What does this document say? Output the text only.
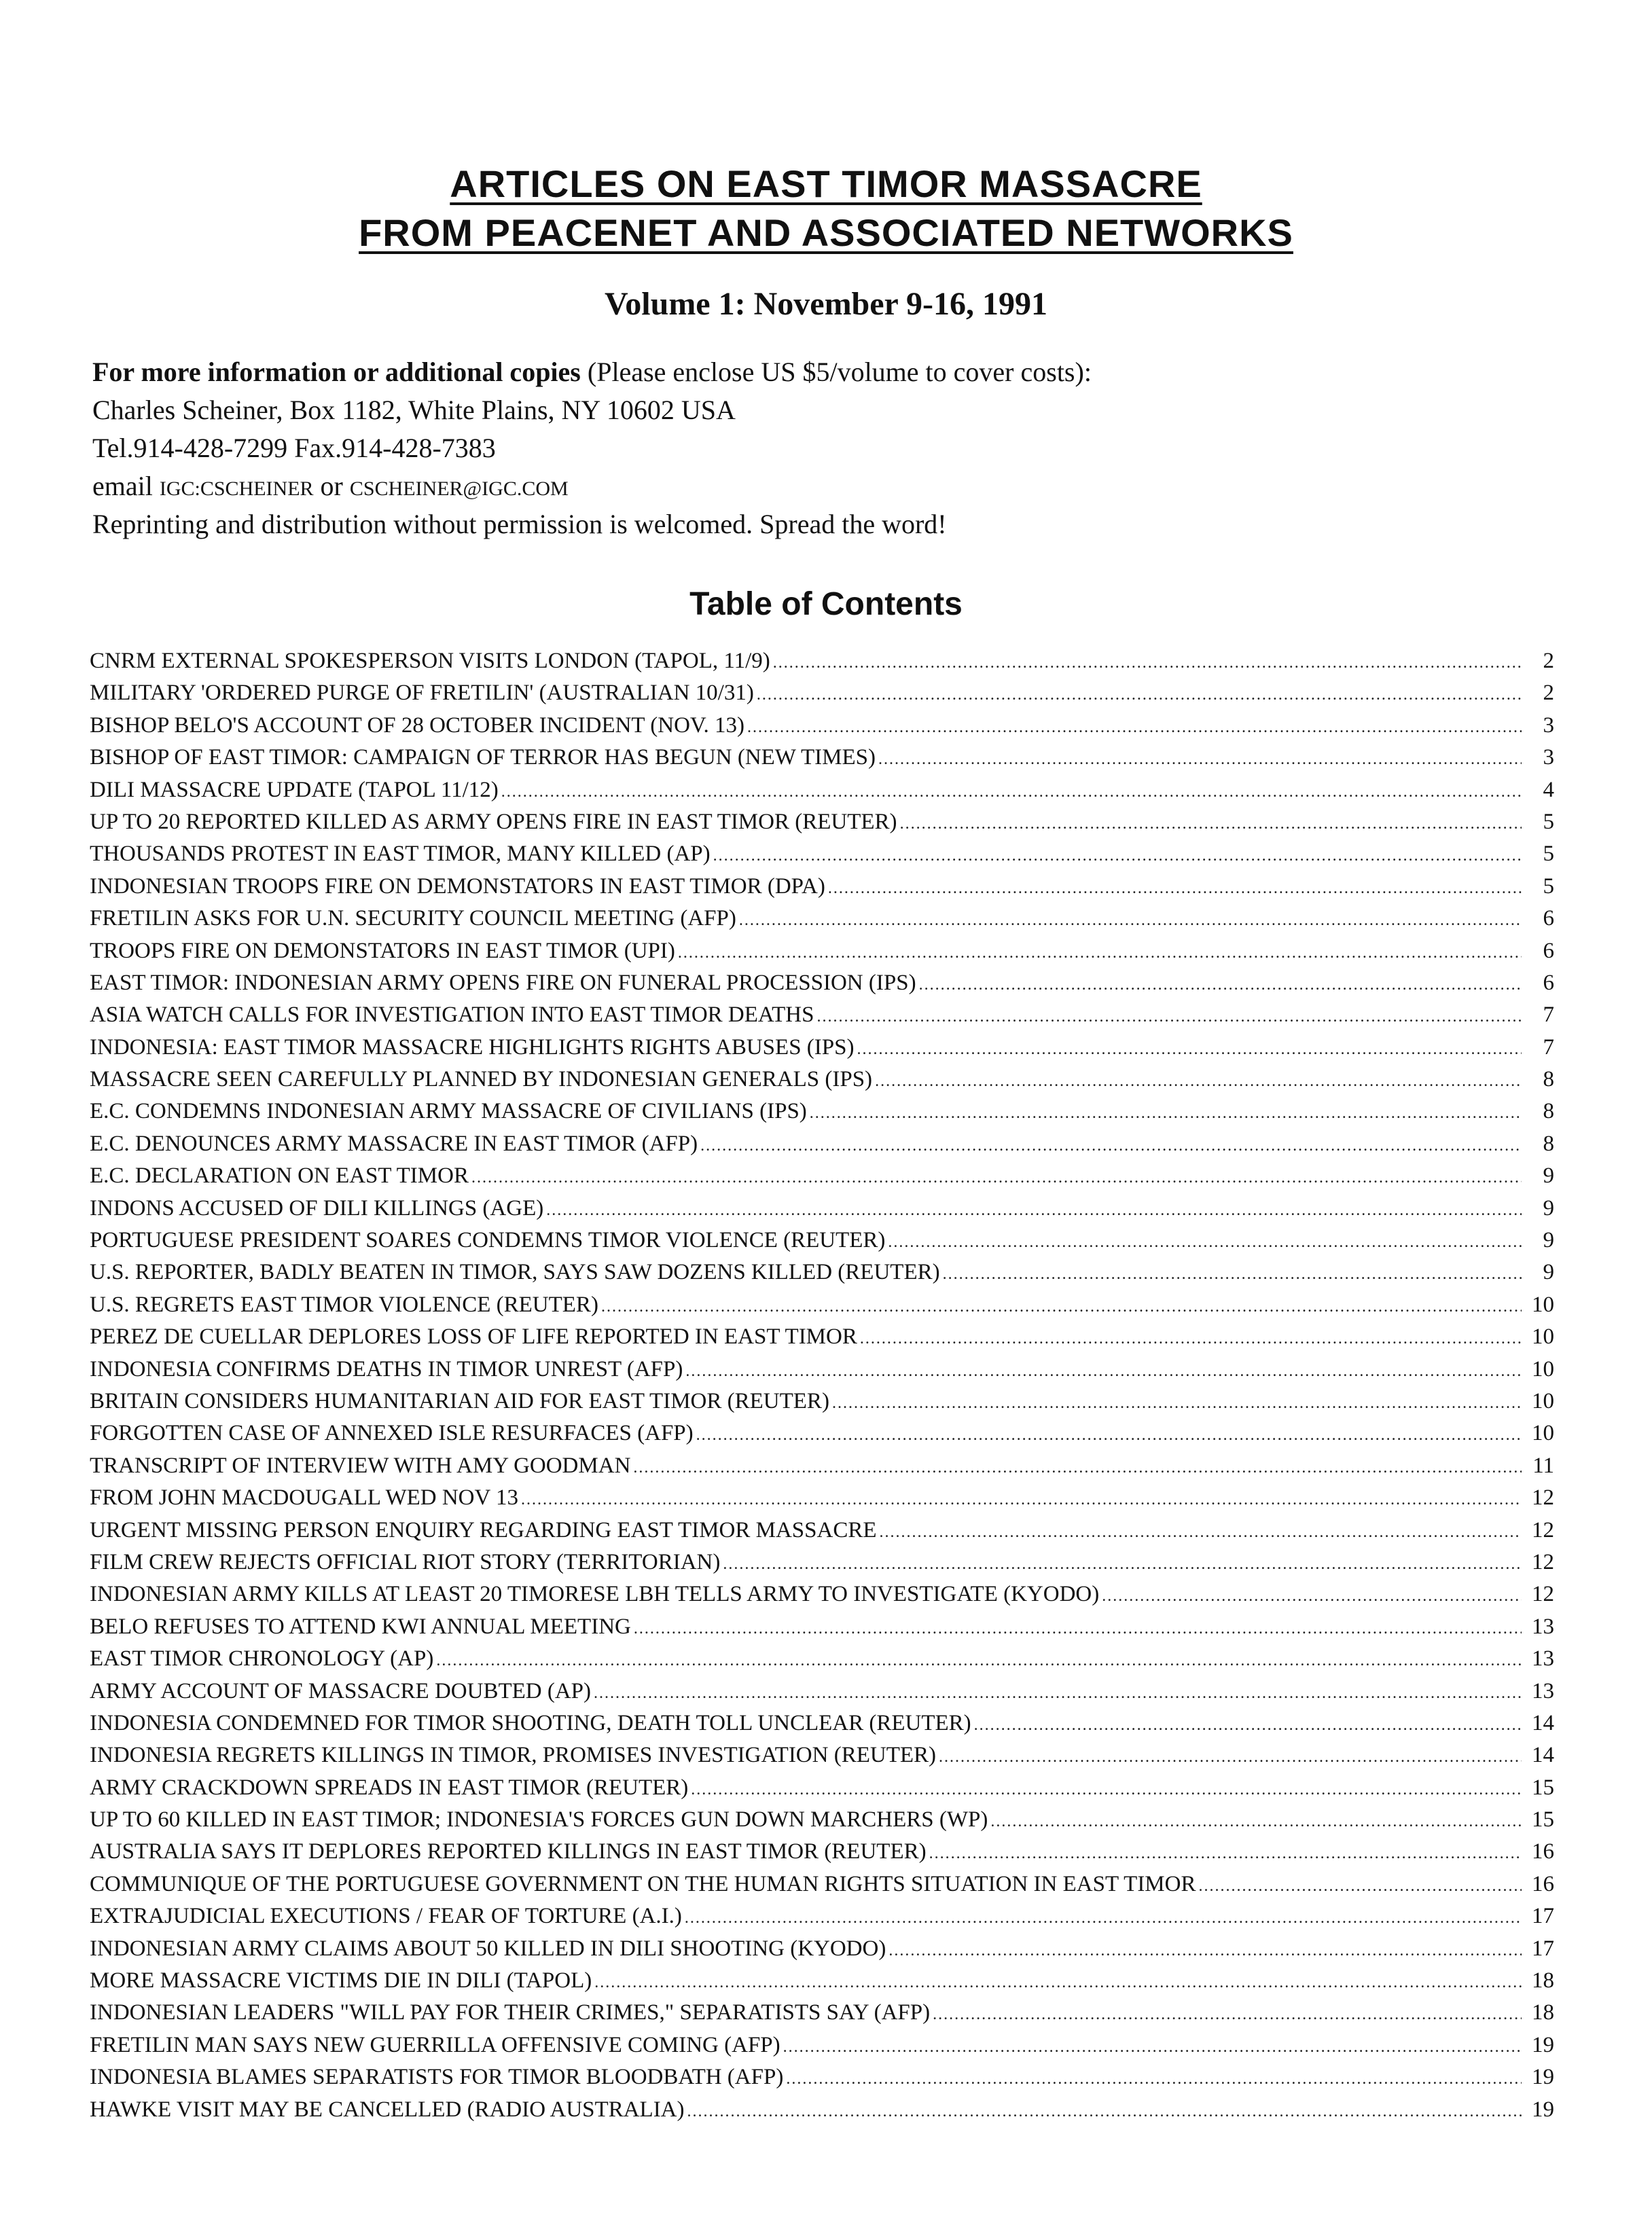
ARTICLES ON EAST TIMOR MASSACRE
FROM PEACENET AND ASSOCIATED NETWORKS
Volume 1: November 9-16, 1991
For more information or additional copies (Please enclose US $5/volume to cover costs):
Charles Scheiner, Box 1182, White Plains, NY 10602 USA
Tel.914-428-7299 Fax.914-428-7383
email IGC:CSCHEINER or CSCHEINER@IGC.COM
Reprinting and distribution without permission is welcomed. Spread the word!
Table of Contents
CNRM EXTERNAL SPOKESPERSON VISITS LONDON (TAPOL, 11/9) .....	2
MILITARY 'ORDERED PURGE OF FRETILIN' (AUSTRALIAN 10/31) .....	2
BISHOP BELO'S ACCOUNT OF 28 OCTOBER INCIDENT (NOV. 13) .....	3
BISHOP OF EAST TIMOR: CAMPAIGN OF TERROR HAS BEGUN (NEW TIMES) .....	3
DILI MASSACRE UPDATE (TAPOL 11/12) .....	4
UP TO 20 REPORTED KILLED AS ARMY OPENS FIRE IN EAST TIMOR (REUTER) .....	5
THOUSANDS PROTEST IN EAST TIMOR, MANY KILLED (AP) .....	5
INDONESIAN TROOPS FIRE ON DEMONSTATORS IN EAST TIMOR (DPA) .....	5
FRETILIN ASKS FOR U.N. SECURITY COUNCIL MEETING (AFP) .....	6
TROOPS FIRE ON DEMONSTATORS IN EAST TIMOR (UPI) .....	6
EAST TIMOR: INDONESIAN ARMY OPENS FIRE ON FUNERAL PROCESSION (IPS) .....	6
ASIA WATCH CALLS FOR INVESTIGATION INTO EAST TIMOR DEATHS .....	7
INDONESIA: EAST TIMOR MASSACRE HIGHLIGHTS RIGHTS ABUSES (IPS) .....	7
MASSACRE SEEN CAREFULLY PLANNED BY INDONESIAN GENERALS (IPS) .....	8
E.C. CONDEMNS INDONESIAN ARMY MASSACRE OF CIVILIANS (IPS) .....	8
E.C. DENOUNCES ARMY MASSACRE IN EAST TIMOR (AFP) .....	8
E.C. DECLARATION ON EAST TIMOR .....	9
INDONS ACCUSED OF DILI KILLINGS (AGE) .....	9
PORTUGUESE PRESIDENT SOARES CONDEMNS TIMOR VIOLENCE (REUTER) .....	9
U.S. REPORTER, BADLY BEATEN IN TIMOR, SAYS SAW DOZENS KILLED (REUTER) .....	9
U.S. REGRETS EAST TIMOR VIOLENCE (REUTER) .....	10
PEREZ DE CUELLAR DEPLORES LOSS OF LIFE REPORTED IN EAST TIMOR .....	10
INDONESIA CONFIRMS DEATHS IN TIMOR UNREST (AFP) .....	10
BRITAIN CONSIDERS HUMANITARIAN AID FOR EAST TIMOR (REUTER) .....	10
FORGOTTEN CASE OF ANNEXED ISLE RESURFACES (AFP) .....	10
TRANSCRIPT OF INTERVIEW WITH AMY GOODMAN .....	11
FROM JOHN MACDOUGALL WED NOV 13 .....	12
URGENT MISSING PERSON ENQUIRY REGARDING EAST TIMOR MASSACRE .....	12
FILM CREW REJECTS OFFICIAL RIOT STORY (TERRITORIAN) .....	12
INDONESIAN ARMY KILLS AT LEAST 20 TIMORESE LBH TELLS ARMY TO INVESTIGATE (KYODO) .....	12
BELO REFUSES TO ATTEND KWI ANNUAL MEETING .....	13
EAST TIMOR CHRONOLOGY (AP) .....	13
ARMY ACCOUNT OF MASSACRE DOUBTED (AP) .....	13
INDONESIA CONDEMNED FOR TIMOR SHOOTING, DEATH TOLL UNCLEAR (REUTER) .....	14
INDONESIA REGRETS KILLINGS IN TIMOR, PROMISES INVESTIGATION (REUTER) .....	14
ARMY CRACKDOWN SPREADS IN EAST TIMOR (REUTER) .....	15
UP TO 60 KILLED IN EAST TIMOR; INDONESIA'S FORCES GUN DOWN MARCHERS (WP) .....	15
AUSTRALIA SAYS IT DEPLORES REPORTED KILLINGS IN EAST TIMOR (REUTER) .....	16
COMMUNIQUE OF THE PORTUGUESE GOVERNMENT ON THE HUMAN RIGHTS SITUATION IN EAST TIMOR .....	16
EXTRAJUDICIAL EXECUTIONS / FEAR OF TORTURE (A.I.) .....	17
INDONESIAN ARMY CLAIMS ABOUT 50 KILLED IN DILI SHOOTING (KYODO) .....	17
MORE MASSACRE VICTIMS DIE IN DILI (TAPOL) .....	18
INDONESIAN LEADERS "WILL PAY FOR THEIR CRIMES," SEPARATISTS SAY (AFP) .....	18
FRETILIN MAN SAYS NEW GUERRILLA OFFENSIVE COMING (AFP) .....	19
INDONESIA BLAMES SEPARATISTS FOR TIMOR BLOODBATH (AFP) .....	19
HAWKE VISIT MAY BE CANCELLED (RADIO AUSTRALIA) .....	19
